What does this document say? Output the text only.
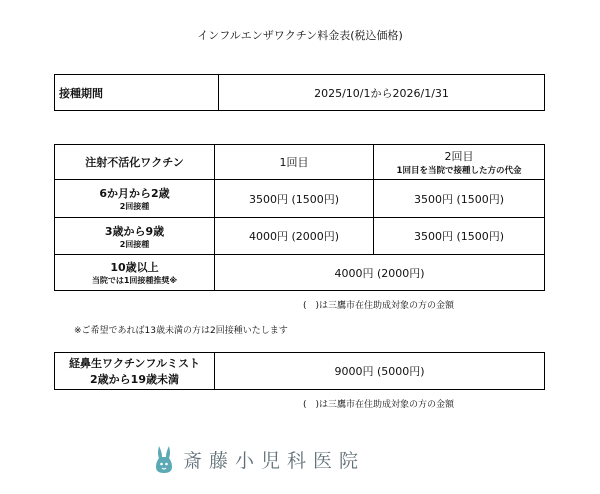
インフルエンザワクチン料金表(税込価格)
接種期間	2025/10/1から2026/1/31
注射不活化ワクチン	1回目	2回目
1回目を当院で接種した方の代金

6か月から2歳
2回接種	3500円 (1500円)	3500円 (1500円)

3歳から9歳
2回接種	4000円 (2000円)	3500円 (1500円)

10歳以上
当院では1回接種推奨※	4000円 (2000円)	
(　)は三鷹市在住助成対象の方の金額
※ご希望であれば13歳未満の方は2回接種いたします
経鼻生ワクチンフルミスト
2歳から19歳未満
	9000円 (5000円)
(　)は三鷹市在住助成対象の方の金額
斎藤小児科医院
